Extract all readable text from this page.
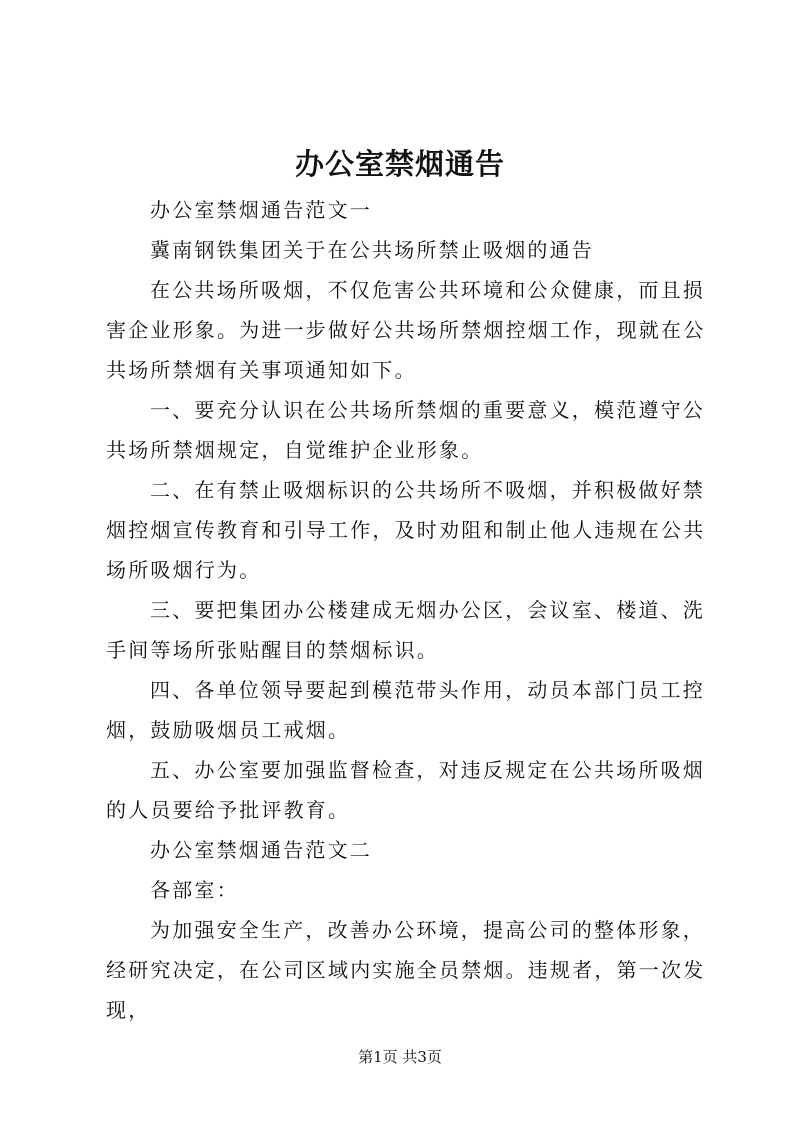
办公室禁烟通告

办公室禁烟通告范文一

冀南钢铁集团关于在公共场所禁止吸烟的通告

在公共场所吸烟，不仅危害公共环境和公众健康，而且损害企业形象。为进一步做好公共场所禁烟控烟工作，现就在公共场所禁烟有关事项通知如下。

一、要充分认识在公共场所禁烟的重要意义，模范遵守公共场所禁烟规定，自觉维护企业形象。

二、在有禁止吸烟标识的公共场所不吸烟，并积极做好禁烟控烟宣传教育和引导工作，及时劝阻和制止他人违规在公共场所吸烟行为。

三、要把集团办公楼建成无烟办公区，会议室、楼道、洗手间等场所张贴醒目的禁烟标识。

四、各单位领导要起到模范带头作用，动员本部门员工控烟，鼓励吸烟员工戒烟。

五、办公室要加强监督检查，对违反规定在公共场所吸烟的人员要给予批评教育。

办公室禁烟通告范文二

各部室：

为加强安全生产，改善办公环境，提高公司的整体形象，经研究决定，在公司区域内实施全员禁烟。违规者，第一次发现，

第1页 共3页
